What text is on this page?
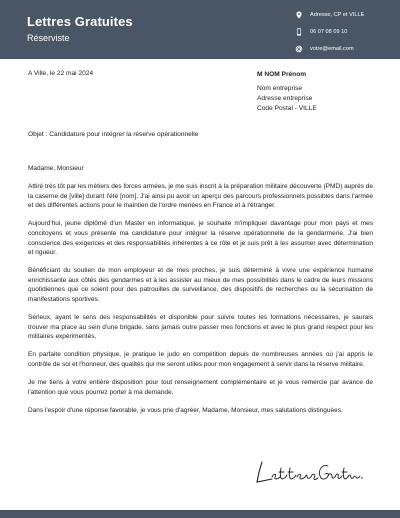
Lettres Gratuites
Réserviste
Adresse, CP et VILLE
06 07 08 09 10
votre@email.com
A Ville, le 22 mai 2024	M NOM Prénom
Nom entreprise
Adresse entreprise
Code Postal - VILLE
Objet : Candidature pour intégrer la réserve opérationnelle

Madame, Monsieur

Attiré très tôt par les métiers des forces armées, je me suis inscrit à la préparation militaire découverte (PMD) auprès de la caserne de [ville] durant l'été [nom]. J'ai ainsi pu avoir un aperçu des parcours professionnels possibles dans l'armée et des différentes actions pour le maintien de l'ordre menées en France et à l'étranger.

Aujourd'hui, jeune diplômé d'un Master en informatique, je souhaite m'impliquer davantage pour mon pays et mes concitoyens et vous présente ma candidature pour intégrer la réserve opérationnelle de la gendarmerie. J'ai bien conscience des exigences et des responsabilités inhérentes à ce rôle et je suis prêt à les assumer avec détermination et rigueur.

Bénéficiant du soutien de mon employeur et de mes proches, je suis déterminé à vivre une expérience humaine enrichissante aux côtés des gendarmes et à les assister au mieux de mes possibilités dans le cadre de leurs missions quotidiennes que ce soient pour des patrouilles de surveillance, des dispositifs de recherches ou la sécurisation de manifestations sportives.

Sérieux, ayant le sens des responsabilités et disponible pour suivre toutes les formations nécessaires, je saurais trouver ma place au sein d'une brigade, sans jamais outre passer mes fonctions et avec le plus grand respect pour les militaires expérimentés.

En parfaite condition physique, je pratique le judo en compétition depuis de nombreuses années où j'ai appris le contrôle de soi et l'honneur, des qualités qui me seront utiles pour mon engagement à servir dans la réserve militaire.

Je me tiens à votre entière disposition pour tout renseignement complémentaire et je vous remercie par avance de l'attention que vous pourrez porter à ma demande.

Dans l'espoir d'une réponse favorable, je vous prie d'agréer, Madame, Monsieur, mes salutations distinguées.
